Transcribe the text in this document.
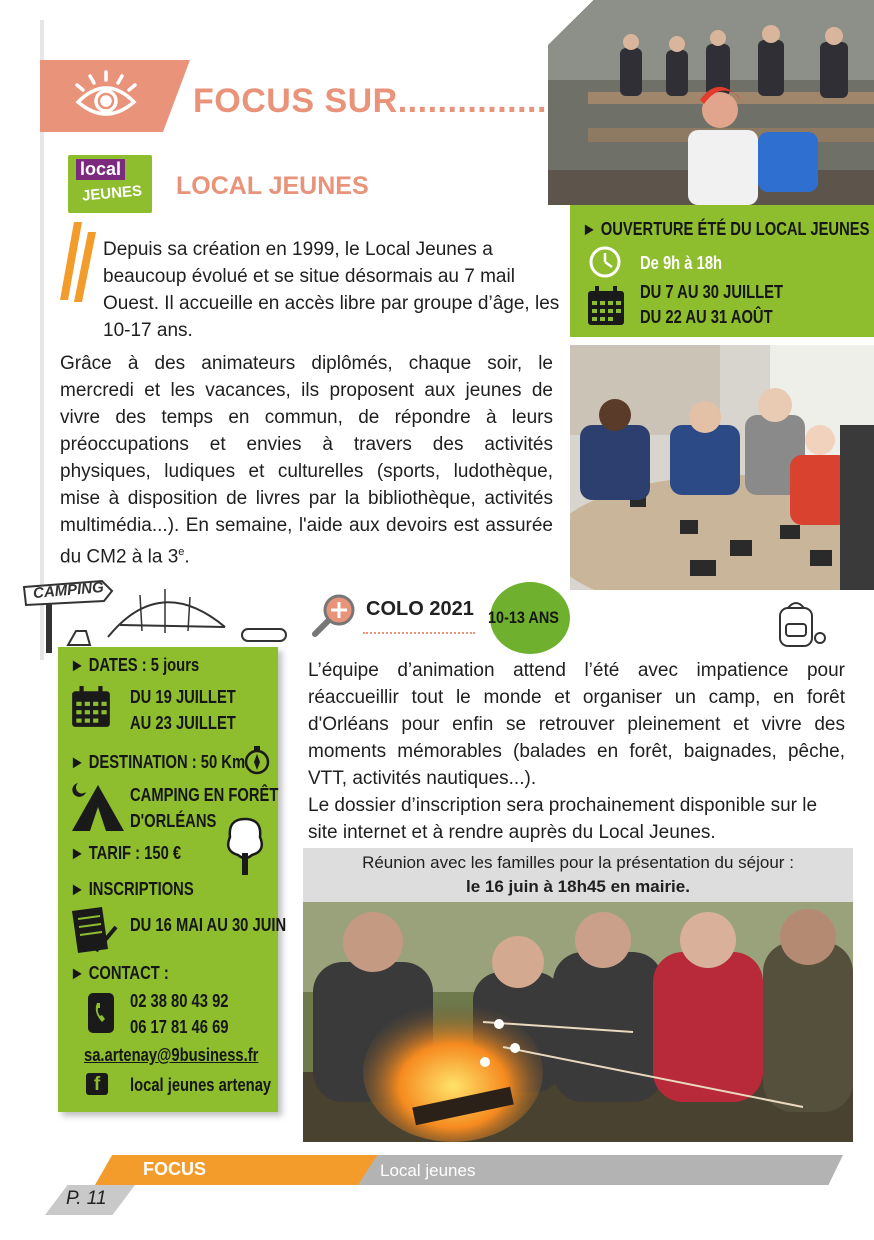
FOCUS SUR...............
local
JEUNES LOCAL JEUNES
Depuis sa création en 1999, le Local Jeunes a beaucoup évolué et se situe désormais au 7 mail Ouest. Il accueille en accès libre par groupe d’âge, les 10-17 ans.
Grâce à des animateurs diplômés, chaque soir, le mercredi et les vacances, ils proposent aux jeunes de vivre des temps en commun, de répondre à leurs préoccupations et envies à travers des activités physiques, ludiques et culturelles (sports, ludothèque, mise à disposition de livres par la bibliothèque, activités multimédia...). En semaine, l'aide aux devoirs est assurée du CM2 à la 3e.
► OUVERTURE ÉTÉ DU LOCAL JEUNES
De 9h à 18h
DU 7 AU 30 JUILLET
DU 22 AU 31 AOÛT
CAMPING
► DATES : 5 jours
DU 19 JUILLET
AU 23 JUILLET
► DESTINATION : 50 Km
CAMPING EN FORÊT
D'ORLÉANS
► TARIF : 150 €
► INSCRIPTIONS
DU 16 MAI AU 30 JUIN
► CONTACT :
02 38 80 43 92
06 17 81 46 69
sa.artenay@9business.fr
f	local jeunes artenay
COLO 2021 10-13 ANS
L’équipe d’animation attend l’été avec impatience pour réaccueillir tout le monde et organiser un camp, en forêt d'Orléans pour enfin se retrouver pleinement et vivre des moments mémorables (balades en forêt, baignades, pêche, VTT, activités nautiques...).
Le dossier d’inscription sera prochainement disponible sur le site internet et à rendre auprès du Local Jeunes.
Réunion avec les familles pour la présentation du séjour :
le 16 juin à 18h45 en mairie.
FOCUS	Local jeunes
P. 11
